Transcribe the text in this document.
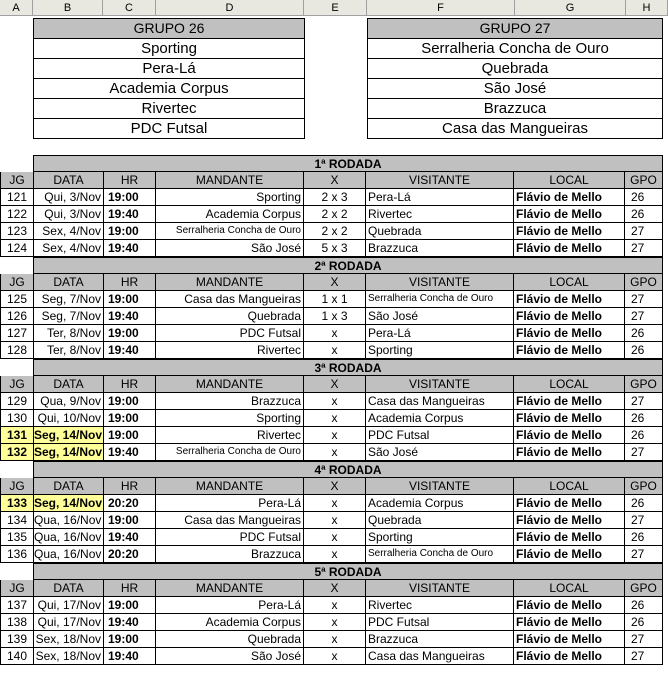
A	B	C	D	E	F	G	H
GRUPO 26
Sporting
Pera-Lá
Academia Corpus
Rivertec
PDC Futsal
GRUPO 27
Serralheria Concha de Ouro
Quebrada
São José
Brazzuca
Casa das Mangueiras
1ª RODADA
JG	DATA	HR	MANDANTE	X	VISITANTE	LOCAL	GPO
121	Qui, 3/Nov 19:00	Sporting	2 x 3	Pera-Lá	Flávio de Mello	26
122	Qui, 3/Nov 19:40	Academia Corpus	2 x 2	Rivertec	Flávio de Mello	26
123	Sex, 4/Nov 19:00	Serralheria Concha de Ouro	2 x 2	Quebrada	Flávio de Mello	27
124	Sex, 4/Nov 19:40	São José	5 x 3	Brazzuca	Flávio de Mello	27
2ª RODADA
JG	DATA	HR	MANDANTE	X	VISITANTE	LOCAL	GPO
125	Seg, 7/Nov 19:00	Casa das Mangueiras	1 x 1	Serralheria Concha de Ouro	Flávio de Mello	27
126	Seg, 7/Nov 19:40	Quebrada	1 x 3	São José	Flávio de Mello	27
127	Ter, 8/Nov 19:00	PDC Futsal	x	Pera-Lá	Flávio de Mello	26
128	Ter, 8/Nov 19:40	Rivertec	x	Sporting	Flávio de Mello	26
3ª RODADA
JG	DATA	HR	MANDANTE	X	VISITANTE	LOCAL	GPO
129	Qua, 9/Nov 19:00	Brazzuca	x	Casa das Mangueiras	Flávio de Mello	27
130 Qui, 10/Nov 19:00	Sporting	x	Academia Corpus	Flávio de Mello	26
131 Seg, 14/Nov 19:00	Rivertec	x	PDC Futsal	Flávio de Mello	26
132 Seg, 14/Nov 19:40	Serralheria Concha de Ouro	x	São José	Flávio de Mello	27
4ª RODADA
JG	DATA	HR	MANDANTE	X	VISITANTE	LOCAL	GPO
133 Seg, 14/Nov 20:20	Pera-Lá	x	Academia Corpus	Flávio de Mello	26
134 Qua, 16/Nov 19:00	Casa das Mangueiras	x	Quebrada	Flávio de Mello	27
135 Qua, 16/Nov 19:40	PDC Futsal	x	Sporting	Flávio de Mello	26
136 Qua, 16/Nov 20:20	Brazzuca	x	Serralheria Concha de Ouro	Flávio de Mello	27
5ª RODADA
JG	DATA	HR	MANDANTE	X	VISITANTE	LOCAL	GPO
137 Qui, 17/Nov 19:00	Pera-Lá	x	Rivertec	Flávio de Mello	26
138 Qui, 17/Nov 19:40	Academia Corpus	x	PDC Futsal	Flávio de Mello	26
139 Sex, 18/Nov 19:00	Quebrada	x	Brazzuca	Flávio de Mello	27
140 Sex, 18/Nov 19:40	São José	x	Casa das Mangueiras	Flávio de Mello	27
